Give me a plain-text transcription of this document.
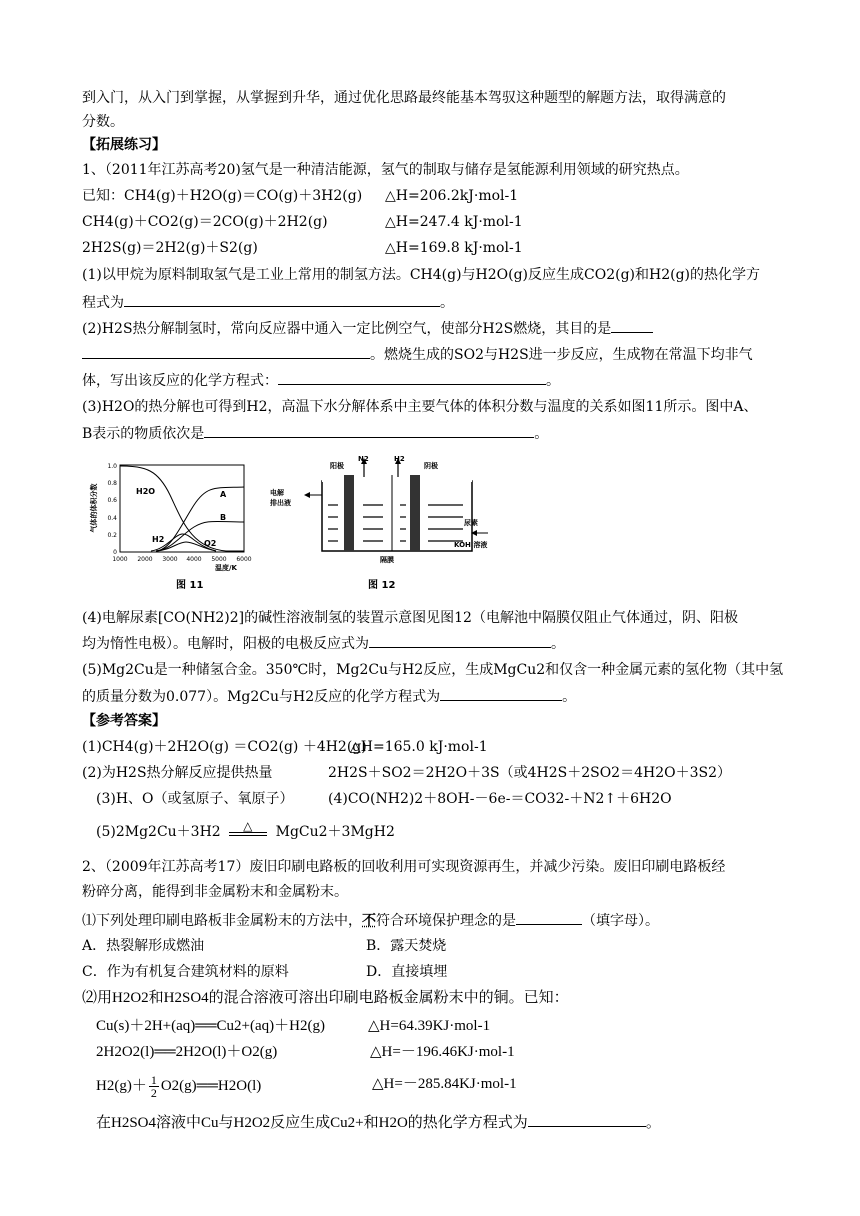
到入门，从入门到掌握，从掌握到升华，通过优化思路最终能基本驾驭这种题型的解题方法，取得满意的
分数。
【拓展练习】
1、（2011年江苏高考20)氢气是一种清洁能源，氢气的制取与储存是氢能源利用领域的研究热点。
已知：CH4(g)＋H2O(g)＝CO(g)＋3H2(g) △H=206.2kJ·mol-1
CH4(g)＋CO2(g)＝2CO(g)＋2H2(g)	△H=247.4 kJ·mol-1
2H2S(g)＝2H2(g)＋S2(g)	△H=169.8 kJ·mol-1
(1)以甲烷为原料制取氢气是工业上常用的制氢方法。CH4(g)与H2O(g)反应生成CO2(g)和H2(g)的热化学方
程式为	。
(2)H2S热分解制氢时，常向反应器中通入一定比例空气，使部分H2S燃烧，其目的是
。燃烧生成的SO2与H2S进一步反应，生成物在常温下均非气
体，写出该反应的化学方程式：	。
(3)H2O的热分解也可得到H2，高温下水分解体系中主要气体的体积分数与温度的关系如图11所示。图中A、
B表示的物质依次是	。
0
0.2
0.4
0.6
0.8
1.0
1000 2000 3000 4000 5000 6000
温度/K
气体的体积分数	H2O	A
B
H2	O2
图 11
阳极	阴极
N2	H2
电解
排出液
尿素
KOH 溶液
隔膜
图 12
(4)电解尿素[CO(NH2)2]的碱性溶液制氢的装置示意图见图12（电解池中隔膜仅阻止气体通过，阴、阳极
均为惰性电极）。电解时，阳极的电极反应式为	。
(5)Mg2Cu是一种储氢合金。350℃时，Mg2Cu与H2反应，生成MgCu2和仅含一种金属元素的氢化物（其中氢
的质量分数为0.077）。Mg2Cu与H2反应的化学方程式为	。
【参考答案】
(1)CH4(g)＋2H2O(g) ＝CO2(g) ＋4H2(g)
△H=165.0 kJ·mol-1
(2)为H2S热分解反应提供热量	2H2S＋SO2＝2H2O＋3S（或4H2S＋2SO2＝4H2O＋3S2）
(3)H、O（或氢原子、氧原子） (4)CO(NH2)2＋8OH-－6e-＝CO32-＋N2↑＋6H2O
(5)2Mg2Cu＋3H2 △ MgCu2＋3MgH2
2、（2009年江苏高考17）废旧印刷电路板的回收利用可实现资源再生，并减少污染。废旧印刷电路板经
粉碎分离，能得到非金属粉末和金属粉末。
⑴下列处理印刷电路板非金属粉末的方法中，不符合环境保护理念的是	（填字母）。
A．热裂解形成燃油	B．露天焚烧
C．作为有机复合建筑材料的原料	D．直接填埋
⑵用H2O2和H2SO4的混合溶液可溶出印刷电路板金属粉末中的铜。已知：
Cu(s)＋2H+(aq)══Cu2+(aq)＋H2(g)	△H=64.39KJ·mol-1
2H2O2(l)══2H2O(l)＋O2(g)	△H=－196.46KJ·mol-1
$H2(g)+ \frac{1}{2}$ O2(g)══H2O(l)	△H=－285.84KJ·mol-1
在H2SO4溶液中Cu与H2O2反应生成Cu2+和H2O的热化学方程式为	。
